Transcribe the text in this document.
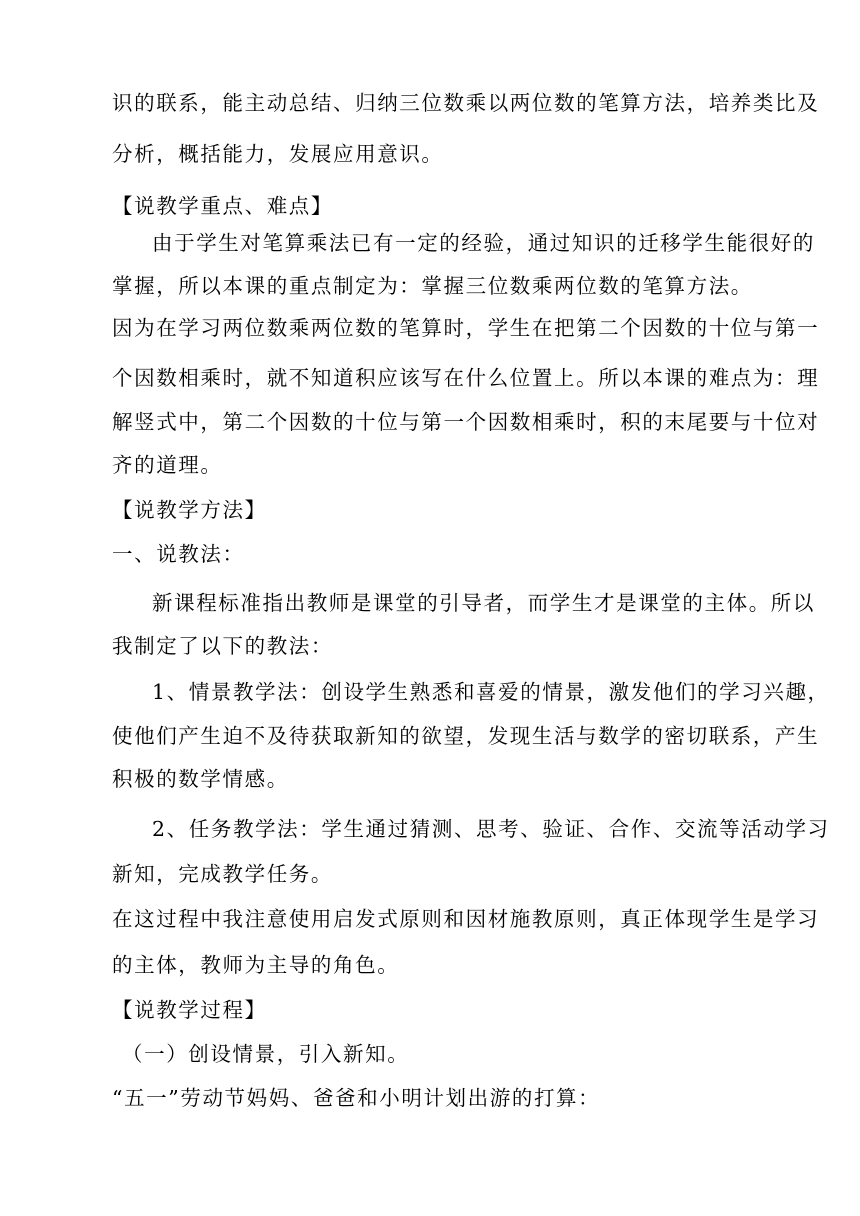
识的联系，能主动总结、归纳三位数乘以两位数的笔算方法，培养类比及
分析，概括能力，发展应用意识。
【说教学重点、难点】
由于学生对笔算乘法已有一定的经验，通过知识的迁移学生能很好的
掌握，所以本课的重点制定为：掌握三位数乘两位数的笔算方法。
因为在学习两位数乘两位数的笔算时，学生在把第二个因数的十位与第一
个因数相乘时，就不知道积应该写在什么位置上。所以本课的难点为：理
解竖式中，第二个因数的十位与第一个因数相乘时，积的末尾要与十位对
齐的道理。
【说教学方法】
一、说教法：
新课程标准指出教师是课堂的引导者，而学生才是课堂的主体。所以
我制定了以下的教法：
1、情景教学法：创设学生熟悉和喜爱的情景，激发他们的学习兴趣，
使他们产生迫不及待获取新知的欲望，发现生活与数学的密切联系，产生
积极的数学情感。
2、任务教学法：学生通过猜测、思考、验证、合作、交流等活动学习
新知，完成教学任务。
在这过程中我注意使用启发式原则和因材施教原则，真正体现学生是学习
的主体，教师为主导的角色。
【说教学过程】
（一）创设情景，引入新知。
“五一”劳动节妈妈、爸爸和小明计划出游的打算：
